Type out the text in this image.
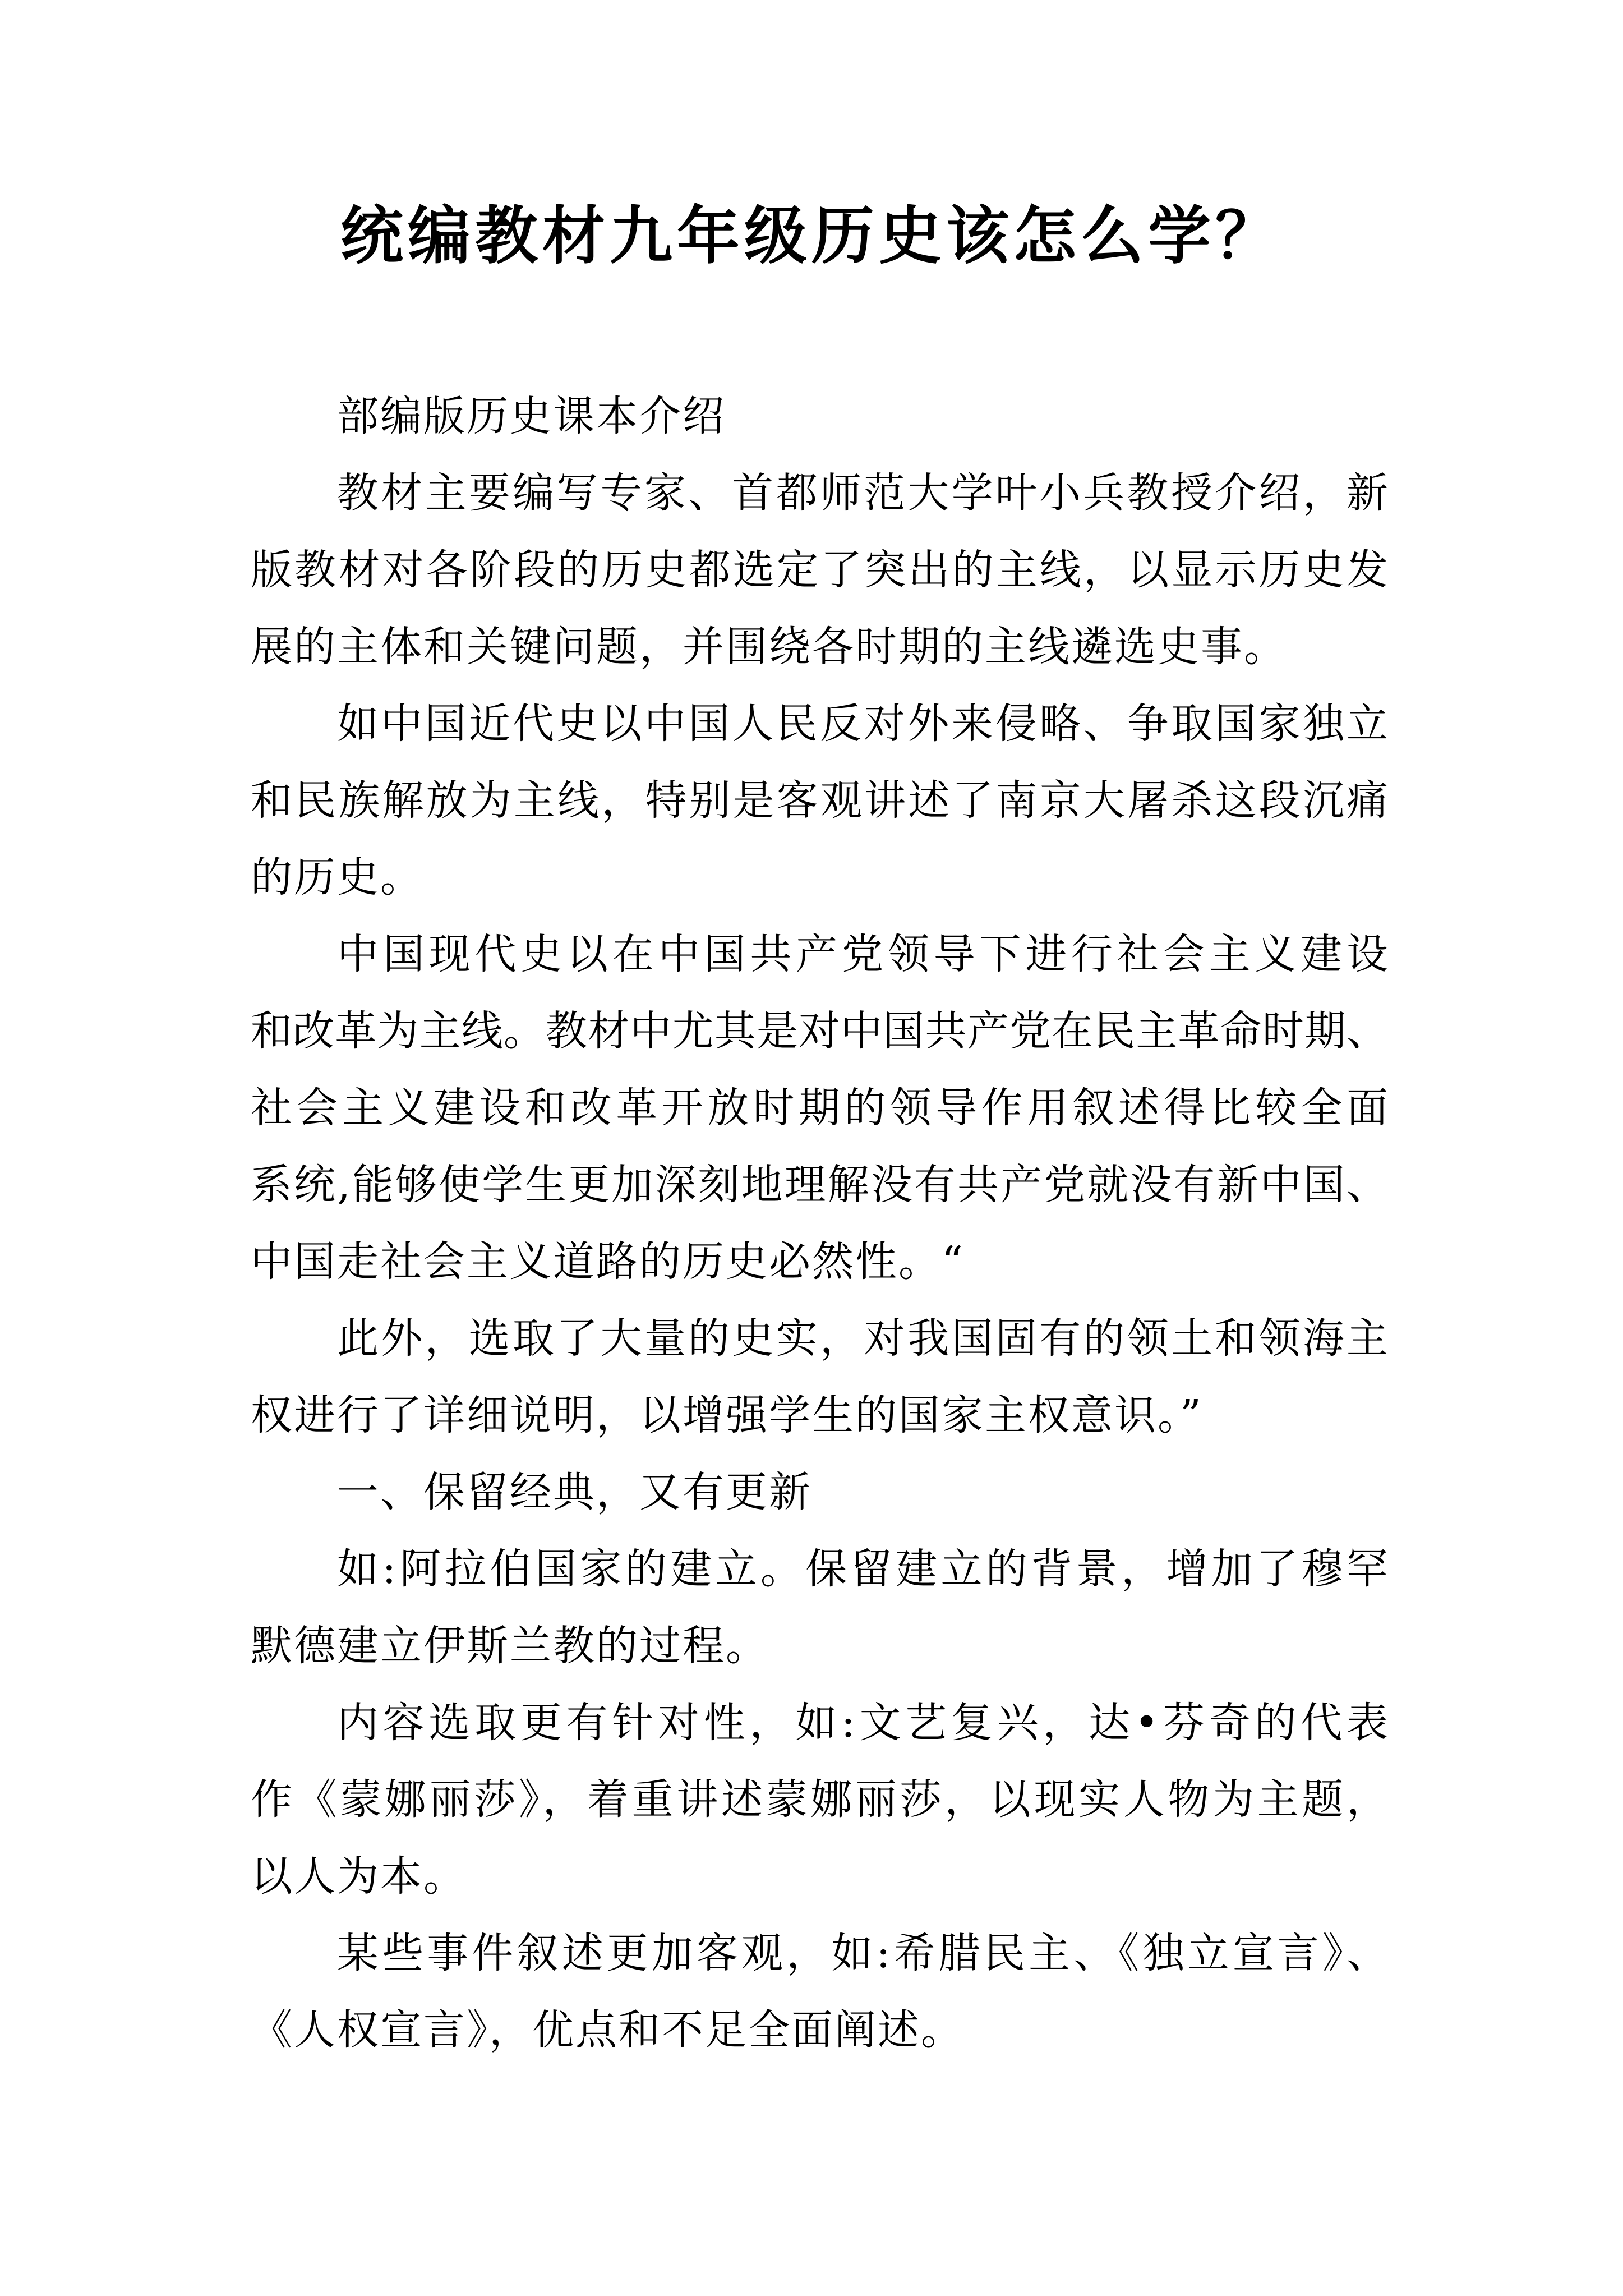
统编教材九年级历史该怎么学？
部编版历史课本介绍
教材主要编写专家、首都师范大学叶小兵教授介绍，新
版教材对各阶段的历史都选定了突出的主线，以显示历史发
展的主体和关键问题，并围绕各时期的主线遴选史事。
如中国近代史以中国人民反对外来侵略、争取国家独立
和民族解放为主线，特别是客观讲述了南京大屠杀这段沉痛
的历史。
中国现代史以在中国共产党领导下进行社会主义建设
和改革为主线。教材中尤其是对中国共产党在民主革命时期、
社会主义建设和改革开放时期的领导作用叙述得比较全面
系统,能够使学生更加深刻地理解没有共产党就没有新中国、
中国走社会主义道路的历史必然性。“
此外，选取了大量的史实，对我国固有的领土和领海主
权进行了详细说明，以增强学生的国家主权意识。”
一、保留经典，又有更新
如:阿拉伯国家的建立。保留建立的背景，增加了穆罕
默德建立伊斯兰教的过程。
内容选取更有针对性，如:文艺复兴，达•芬奇的代表
作《蒙娜丽莎》，着重讲述蒙娜丽莎，以现实人物为主题，
以人为本。
某些事件叙述更加客观，如:希腊民主、《独立宣言》、
《人权宣言》，优点和不足全面阐述。
